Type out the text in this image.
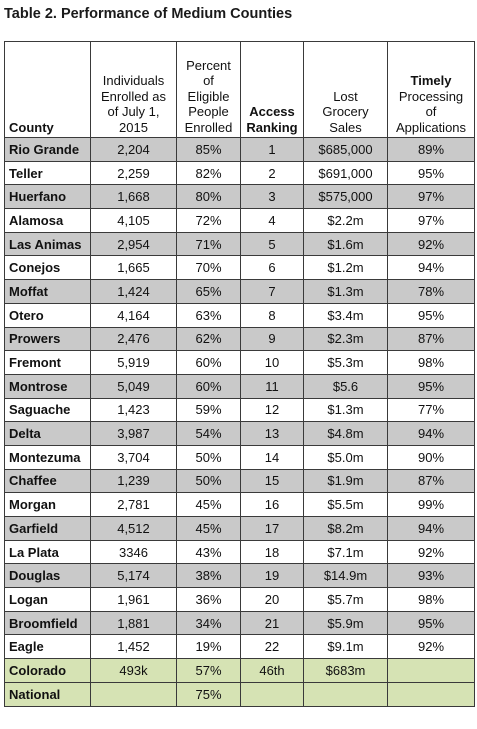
Table 2. Performance of Medium Counties
County	Individuals
Enrolled as
of July 1,
2015	Percent
of
Eligible
People
Enrolled	Access
Ranking	Lost
Grocery
Sales	Timely
Processing
of
Applications
Rio Grande	2,204	85%	1	$685,000	89%
Teller	2,259	82%	2	$691,000	95%
Huerfano	1,668	80%	3	$575,000	97%
Alamosa	4,105	72%	4	$2.2m	97%
Las Animas	2,954	71%	5	$1.6m	92%
Conejos	1,665	70%	6	$1.2m	94%
Moffat	1,424	65%	7	$1.3m	78%
Otero	4,164	63%	8	$3.4m	95%
Prowers	2,476	62%	9	$2.3m	87%
Fremont	5,919	60%	10	$5.3m	98%
Montrose	5,049	60%	11	$5.6	95%
Saguache	1,423	59%	12	$1.3m	77%
Delta	3,987	54%	13	$4.8m	94%
Montezuma	3,704	50%	14	$5.0m	90%
Chaffee	1,239	50%	15	$1.9m	87%
Morgan	2,781	45%	16	$5.5m	99%
Garfield	4,512	45%	17	$8.2m	94%
La Plata	3346	43%	18	$7.1m	92%
Douglas	5,174	38%	19	$14.9m	93%
Logan	1,961	36%	20	$5.7m	98%
Broomfield	1,881	34%	21	$5.9m	95%
Eagle	1,452	19%	22	$9.1m	92%
Colorado	493k	57%	46th	$683m	
National		75%			
